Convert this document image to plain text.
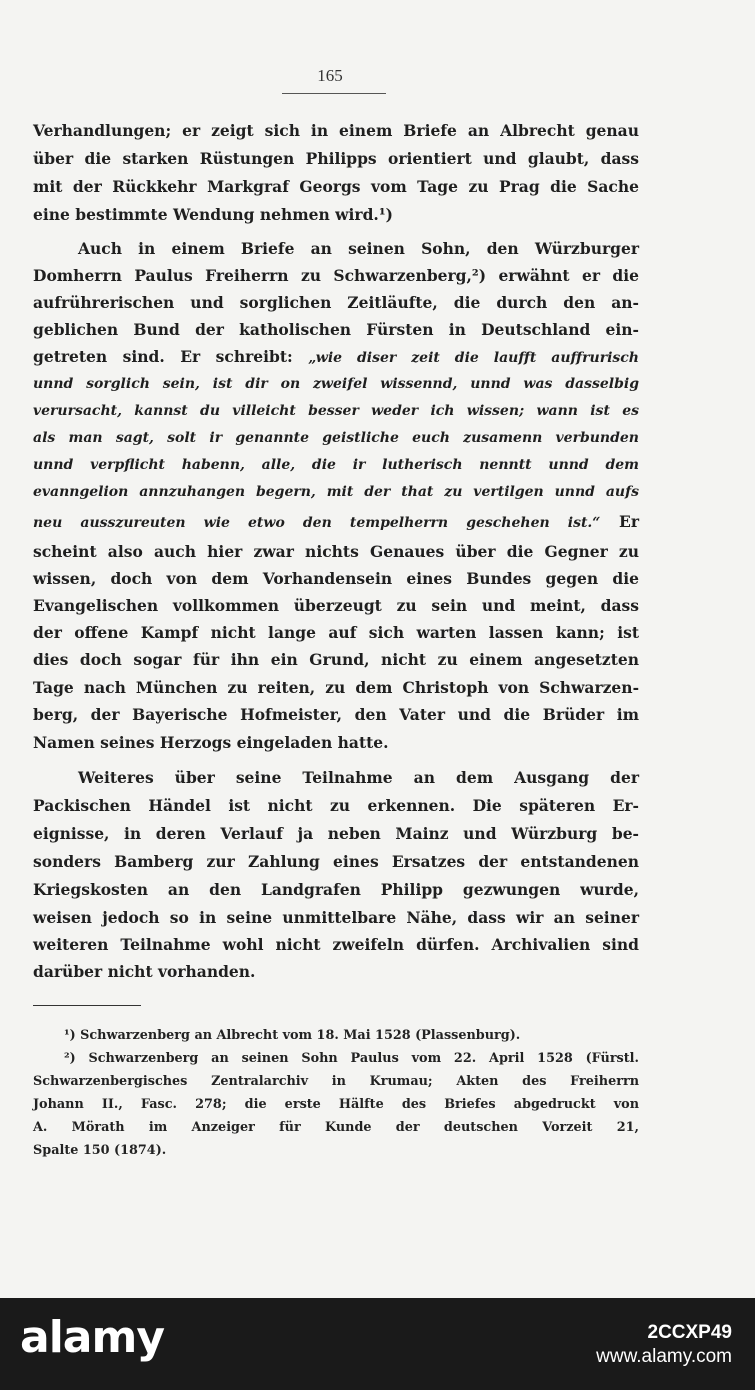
165
Verhandlungen; er zeigt sich in einem Briefe an Albrecht genau
über die starken Rüstungen Philipps orientiert und glaubt, dass
mit der Rückkehr Markgraf Georgs vom Tage zu Prag die Sache
eine bestimmte Wendung nehmen wird.¹)
Auch in einem Briefe an seinen Sohn, den Würzburger
Domherrn Paulus Freiherrn zu Schwarzenberg,²) erwähnt er die
aufrührerischen und sorglichen Zeitläufte, die durch den an-
geblichen Bund der katholischen Fürsten in Deutschland ein-
getreten sind. Er schreibt: „wie diser zeit die laufft auffrurisch
unnd sorglich sein, ist dir on zweifel wissennd, unnd was dasselbig
verursacht, kannst du villeicht besser weder ich wissen; wann ist es
als man sagt, solt ir genannte geistliche euch zusamenn verbunden
unnd verpflicht habenn, alle, die ir lutherisch nenntt unnd dem
evanngelion annzuhangen begern, mit der that zu vertilgen unnd aufs
neu ausszureuten wie etwo den tempelherrn geschehen ist.“ Er
scheint also auch hier zwar nichts Genaues über die Gegner zu
wissen, doch von dem Vorhandensein eines Bundes gegen die
Evangelischen vollkommen überzeugt zu sein und meint, dass
der offene Kampf nicht lange auf sich warten lassen kann; ist
dies doch sogar für ihn ein Grund, nicht zu einem angesetzten
Tage nach München zu reiten, zu dem Christoph von Schwarzen-
berg, der Bayerische Hofmeister, den Vater und die Brüder im
Namen seines Herzogs eingeladen hatte.
Weiteres über seine Teilnahme an dem Ausgang der
Packischen Händel ist nicht zu erkennen. Die späteren Er-
eignisse, in deren Verlauf ja neben Mainz und Würzburg be-
sonders Bamberg zur Zahlung eines Ersatzes der entstandenen
Kriegskosten an den Landgrafen Philipp gezwungen wurde,
weisen jedoch so in seine unmittelbare Nähe, dass wir an seiner
weiteren Teilnahme wohl nicht zweifeln dürfen. Archivalien sind
darüber nicht vorhanden.
¹) Schwarzenberg an Albrecht vom 18. Mai 1528 (Plassenburg).
²) Schwarzenberg an seinen Sohn Paulus vom 22. April 1528 (Fürstl.
Schwarzenbergisches Zentralarchiv in Krumau; Akten des Freiherrn
Johann II., Fasc. 278; die erste Hälfte des Briefes abgedruckt von
A. Mörath im Anzeiger für Kunde der deutschen Vorzeit 21,
Spalte 150 (1874).
alamy	2CCXP49
www.alamy.com
